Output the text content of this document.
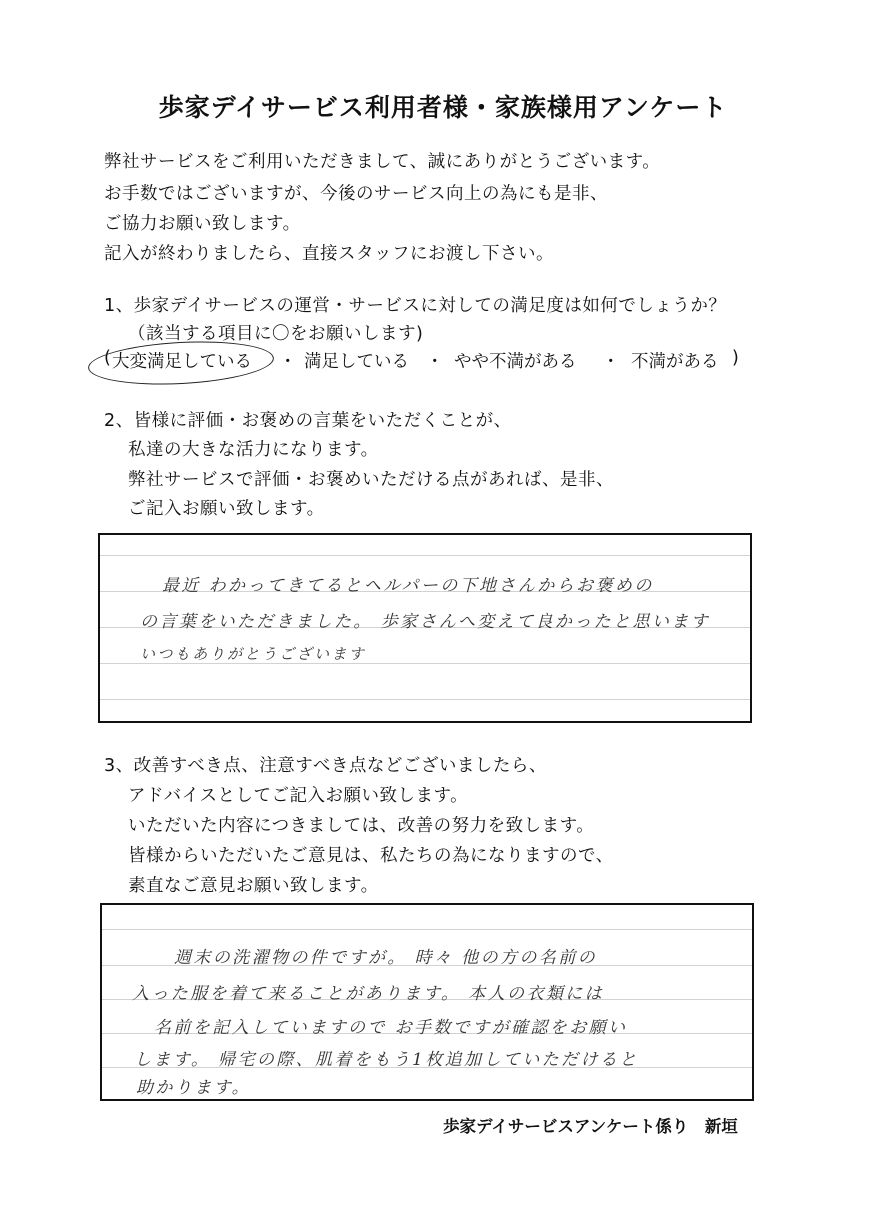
歩家デイサービス利用者様・家族様用アンケート
弊社サービスをご利用いただきまして、誠にありがとうございます。
お手数ではございますが、今後のサービス向上の為にも是非、
ご協力お願い致します。
記入が終わりましたら、直接スタッフにお渡し下さい。
1、歩家デイサービスの運営・サービスに対しての満足度は如何でしょうか？
（該当する項目に〇をお願いします)
( 大変満足している ・ 満足している ・ やや不満がある ・ 不満がある )
2、皆様に評価・お褒めの言葉をいただくことが、
私達の大きな活力になります。
弊社サービスで評価・お褒めいただける点があれば、是非、
ご記入お願い致します。
最近 わかってきてるとヘルパーの下地さんからお褒めの
の言葉をいただきました。 歩家さんへ変えて良かったと思います
いつもありがとうございます
3、改善すべき点、注意すべき点などございましたら、
アドバイスとしてご記入お願い致します。
いただいた内容につきましては、改善の努力を致します。
皆様からいただいたご意見は、私たちの為になりますので、
素直なご意見お願い致します。
週末の洗濯物の件ですが。 時々 他の方の名前の
入った服を着て来ることがあります。 本人の衣類には
名前を記入していますので お手数ですが確認をお願い
します。 帰宅の際、肌着をもう1枚追加していただけると
助かります。
歩家デイサービスアンケート係り　新垣
